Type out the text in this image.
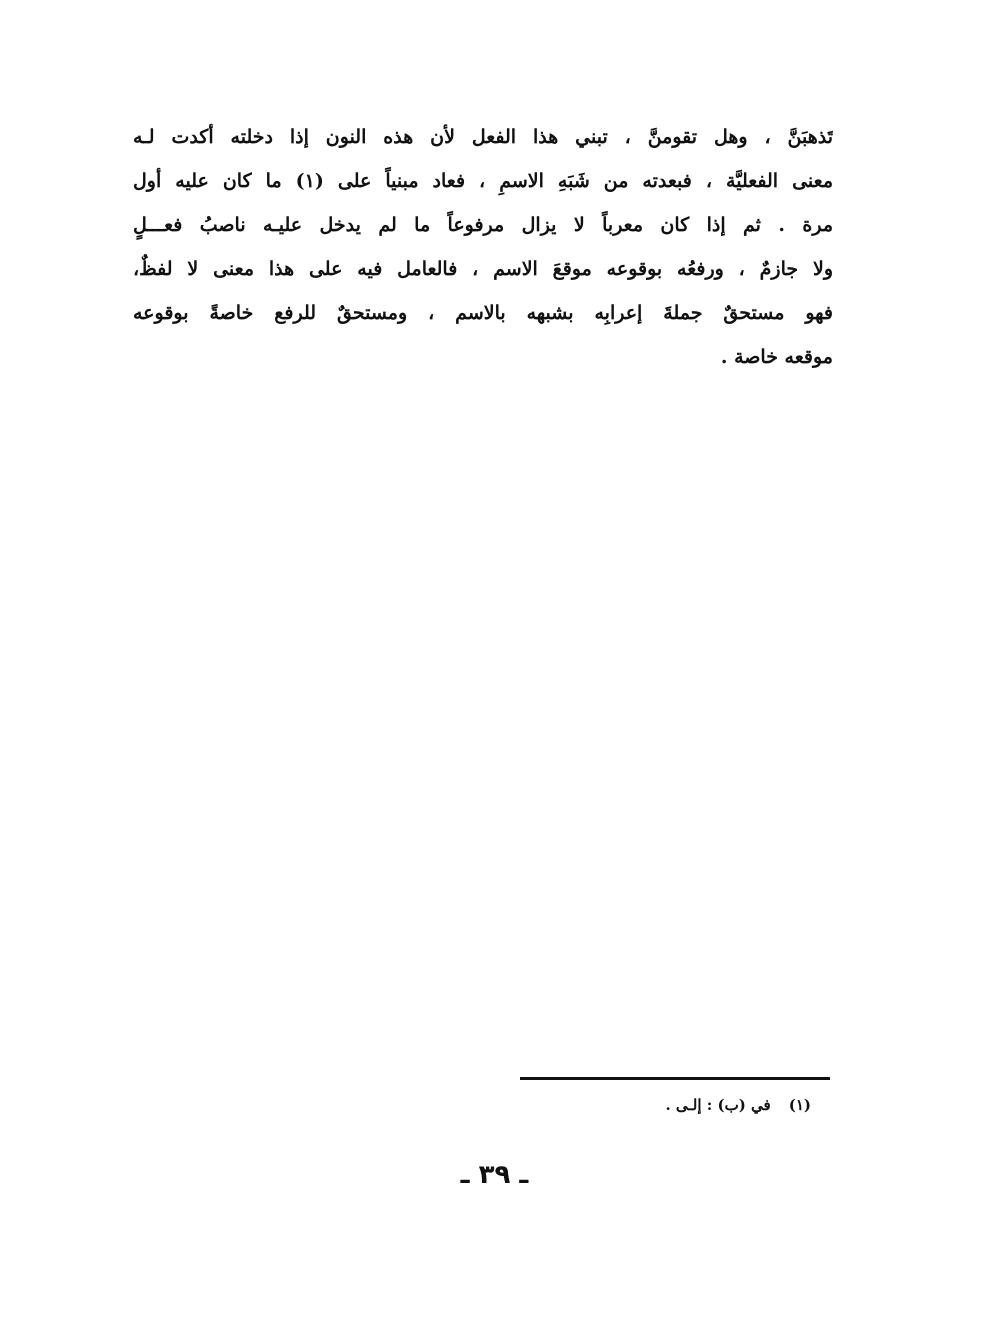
تَذهبَنَّ ، وهل تقومنَّ ، تبني هذا الفعل لأن هذه النون إذا دخلته أكدت لـه
معنى الفعليَّة ، فبعدته من شَبَهِ الاسمِ ، فعاد مبنياً على (١) ما كان عليه أول
مرة . ثم إذا كان معرباً لا يزال مرفوعاً ما لم يدخل عليـه ناصبُ فعـــلٍ
ولا جازمٌ ، ورفعُه بوقوعه موقعَ الاسم ، فالعامل فيه على هذا معنى لا لفظٌ،
فهو مستحقٌ جملةَ إعرابِه بشبهه بالاسم ، ومستحقٌ للرفع خاصةً بوقوعه
موقعه خاصة .
(١)في (ب) : إلـى .
ـ ٣٩ ـ
